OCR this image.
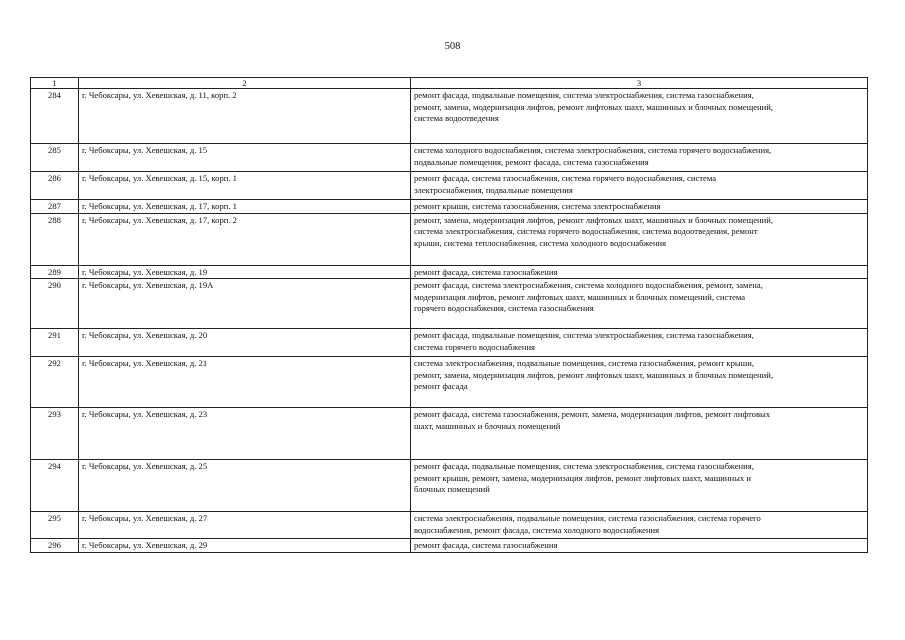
508
1	2	3
284	г. Чебоксары, ул. Хевешская, д. 11, корп. 2	ремонт фасада, подвальные помещения, система электроснабжения, система газоснабжения,
ремонт, замена, модернизация лифтов, ремонт лифтовых шахт, машинных и блочных помещений,
система водоотведения
285	г. Чебоксары, ул. Хевешская, д. 15	система холодного водоснабжения, система электроснабжения, система горячего водоснабжения,
подвальные помещения, ремонт фасада, система газоснабжения
286	г. Чебоксары, ул. Хевешская, д. 15, корп. 1	ремонт фасада, система газоснабжения, система горячего водоснабжения, система
электроснабжения, подвальные помещения
287	г. Чебоксары, ул. Хевешская, д. 17, корп. 1	ремонт крыши, система газоснабжения, система электроснабжения
288	г. Чебоксары, ул. Хевешская, д. 17, корп. 2	ремонт, замена, модернизация лифтов, ремонт лифтовых шахт, машинных и блочных помещений,
система электроснабжения, система горячего водоснабжения, система водоотведения, ремонт
крыши, система теплоснабжения, система холодного водоснабжения
289	г. Чебоксары, ул. Хевешская, д. 19	ремонт фасада, система газоснабжения
290	г. Чебоксары, ул. Хевешская, д. 19А	ремонт фасада, система электроснабжения, система холодного водоснабжения, ремонт, замена,
модернизация лифтов, ремонт лифтовых шахт, машинных и блочных помещений, система
горячего водоснабжения, система газоснабжения
291	г. Чебоксары, ул. Хевешская, д. 20	ремонт фасада, подвальные помещения, система электроснабжения, система газоснабжения,
система горячего водоснабжения
292	г. Чебоксары, ул. Хевешская, д. 21	система электроснабжения, подвальные помещения, система газоснабжения, ремонт крыши,
ремонт, замена, модернизация лифтов, ремонт лифтовых шахт, машинных и блочных помещений,
ремонт фасада
293	г. Чебоксары, ул. Хевешская, д. 23	ремонт фасада, система газоснабжения, ремонт, замена, модернизация лифтов, ремонт лифтовых
шахт, машинных и блочных помещений
294	г. Чебоксары, ул. Хевешская, д. 25	ремонт фасада, подвальные помещения, система электроснабжения, система газоснабжения,
ремонт крыши, ремонт, замена, модернизация лифтов, ремонт лифтовых шахт, машинных и
блочных помещений
295	г. Чебоксары, ул. Хевешская, д. 27	система электроснабжения, подвальные помещения, система газоснабжения, система горячего
водоснабжения, ремонт фасада, система холодного водоснабжения
296	г. Чебоксары, ул. Хевешская, д. 29	ремонт фасада, система газоснабжения
